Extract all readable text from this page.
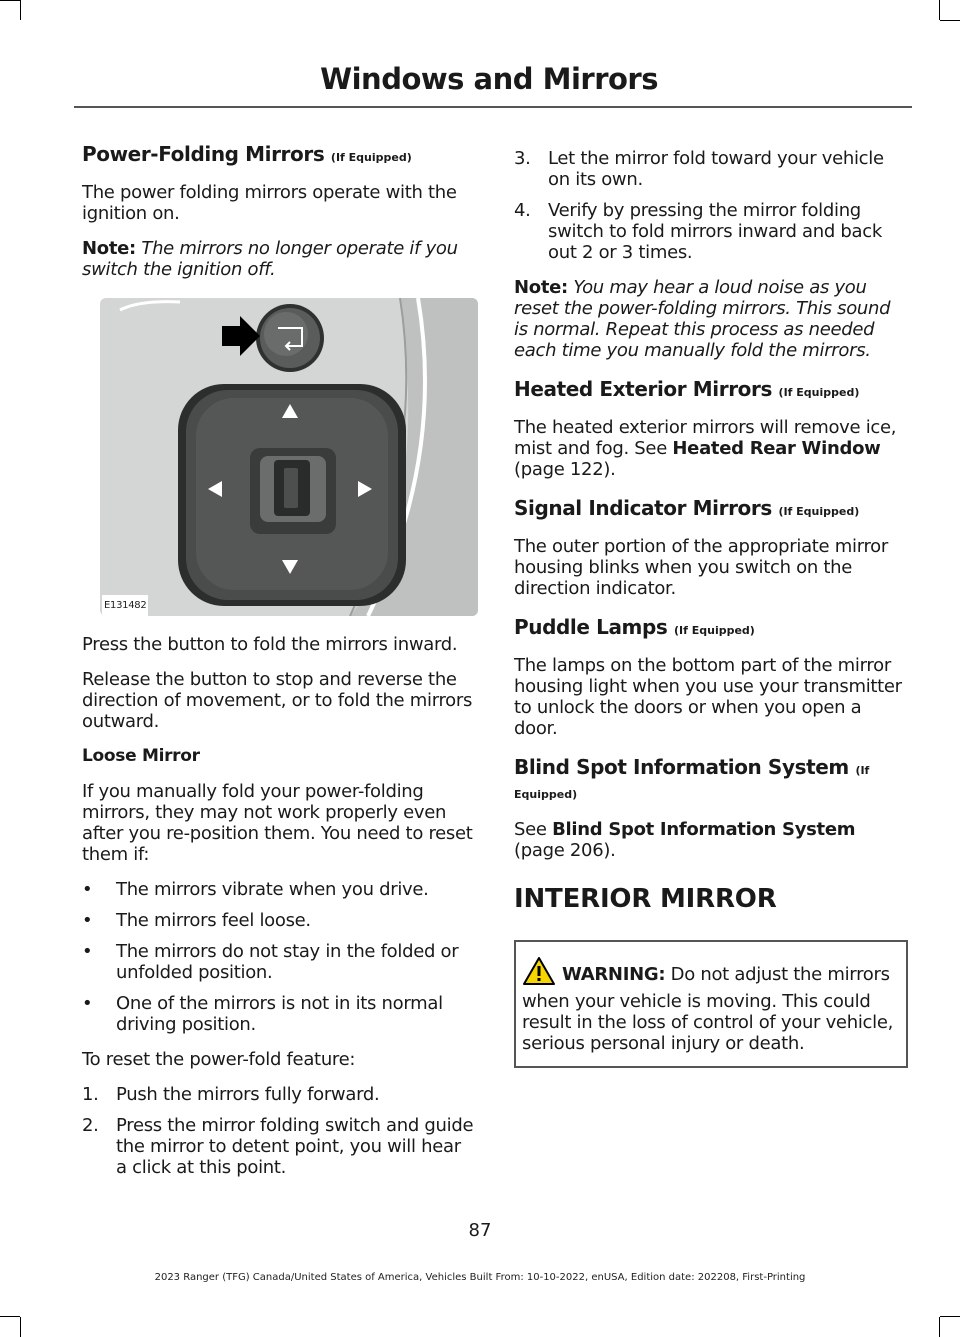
Windows and Mirrors
Power-Folding Mirrors (If Equipped)

The power folding mirrors operate with the ignition on.

Note: The mirrors no longer operate if you switch the ignition off.

E131482

Press the button to fold the mirrors inward.

Release the button to stop and reverse the direction of movement, or to fold the mirrors outward.

Loose Mirror

If you manually fold your power-folding mirrors, they may not work properly even after you re-position them. You need to reset them if:

• The mirrors vibrate when you drive.
• The mirrors feel loose.
• The mirrors do not stay in the folded or unfolded position.
• One of the mirrors is not in its normal driving position.

To reset the power-fold feature:

1. Push the mirrors fully forward.
2. Press the mirror folding switch and guide the mirror to detent point, you will hear a click at this point.
3. Let the mirror fold toward your vehicle on its own.
4. Verify by pressing the mirror folding switch to fold mirrors inward and back out 2 or 3 times.

Note: You may hear a loud noise as you reset the power-folding mirrors. This sound is normal. Repeat this process as needed each time you manually fold the mirrors.

Heated Exterior Mirrors (If Equipped)

The heated exterior mirrors will remove ice, mist and fog. See Heated Rear Window (page 122).

Signal Indicator Mirrors (If Equipped)

The outer portion of the appropriate mirror housing blinks when you switch on the direction indicator.

Puddle Lamps (If Equipped)

The lamps on the bottom part of the mirror housing light when you use your transmitter to unlock the doors or when you open a door.

Blind Spot Information System (If Equipped)

See Blind Spot Information System (page 206).

INTERIOR MIRROR
WARNING: Do not adjust the mirrors when your vehicle is moving. This could result in the loss of control of your vehicle, serious personal injury or death.
87
2023 Ranger (TFG) Canada/United States of America, Vehicles Built From: 10-10-2022, enUSA, Edition date: 202208, First-Printing
